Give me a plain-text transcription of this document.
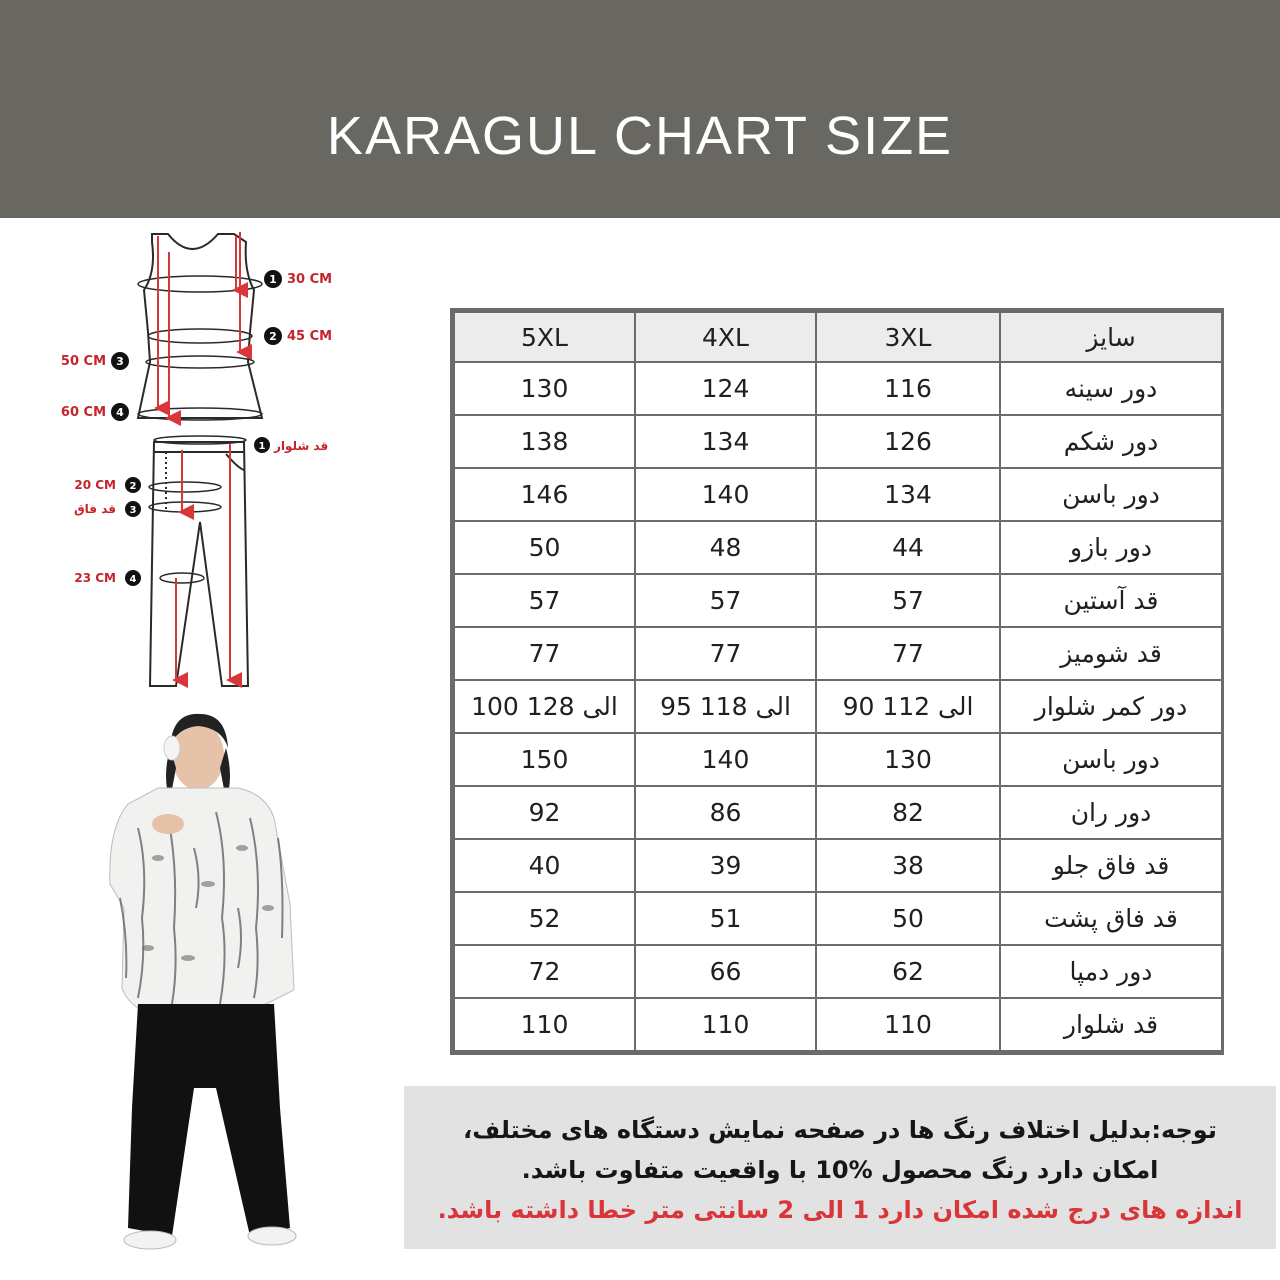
KARAGUL CHART SIZE
1 30 CM
2 45 CM
50 CM 3
60 CM 4
1 قد شلوار
20 CM 2
قد فاق 3
23 CM 4
5XL	4XL	3XL	سایز
130	124	116	دور سینه
138	134	126	دور شکم
146	140	134	دور باسن
50	48	44	دور بازو
57	57	57	قد آستین
77	77	77	قد شومیز
100 الی 128	95 الی 118	90 الی 112	دور کمر شلوار
150	140	130	دور باسن
92	86	82	دور ران
40	39	38	قد فاق جلو
52	51	50	قد فاق پشت
72	66	62	دور دمپا
110	110	110	قد شلوار
توجه:بدلیل اختلاف رنگ ها در صفحه نمایش دستگاه های مختلف،
امکان دارد رنگ محصول %10 با واقعیت متفاوت باشد.
اندازه های درج شده امکان دارد 1 الی 2 سانتی متر خطا داشته باشد.
